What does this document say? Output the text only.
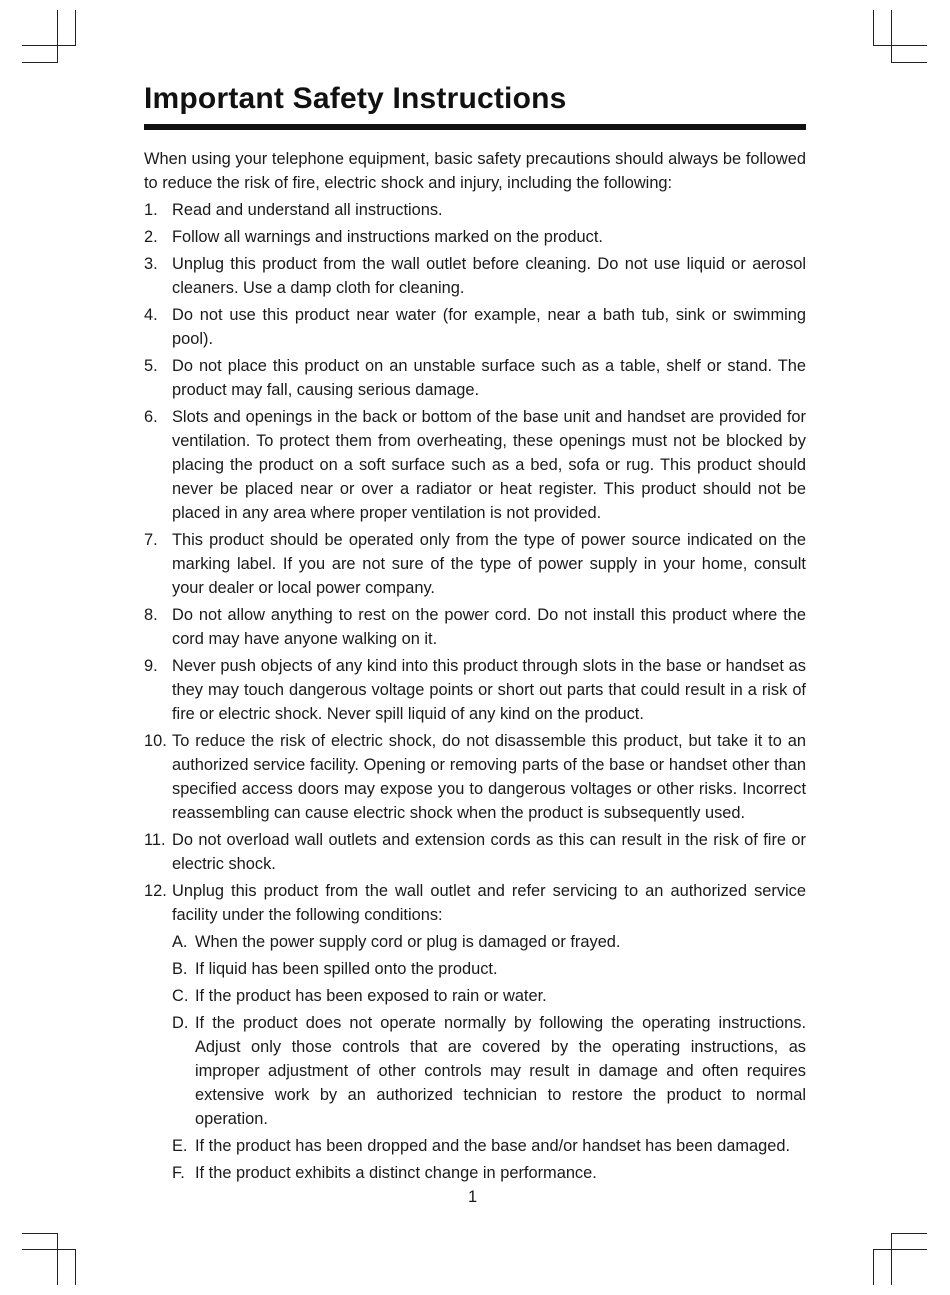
Important Safety Instructions

When using your telephone equipment, basic safety precautions should always be followed to reduce the risk of fire, electric shock and injury, including the following:

1. Read and understand all instructions.
2. Follow all warnings and instructions marked on the product.
3. Unplug this product from the wall outlet before cleaning. Do not use liquid or aerosol cleaners. Use a damp cloth for cleaning.
4. Do not use this product near water (for example, near a bath tub, sink or swimming pool).
5. Do not place this product on an unstable surface such as a table, shelf or stand. The product may fall, causing serious damage.
6. Slots and openings in the back or bottom of the base unit and handset are provided for ventilation. To protect them from overheating, these openings must not be blocked by placing the product on a soft surface such as a bed, sofa or rug. This product should never be placed near or over a radiator or heat register. This product should not be placed in any area where proper ventilation is not provided.
7. This product should be operated only from the type of power source indicated on the marking label. If you are not sure of the type of power supply in your home, consult your dealer or local power company.
8. Do not allow anything to rest on the power cord. Do not install this product where the cord may have anyone walking on it.
9. Never push objects of any kind into this product through slots in the base or handset as they may touch dangerous voltage points or short out parts that could result in a risk of fire or electric shock. Never spill liquid of any kind on the product.
10. To reduce the risk of electric shock, do not disassemble this product, but take it to an authorized service facility. Opening or removing parts of the base or handset other than specified access doors may expose you to dangerous voltages or other risks. Incorrect reassembling can cause electric shock when the product is subsequently used.
11. Do not overload wall outlets and extension cords as this can result in the risk of fire or electric shock.
12. Unplug this product from the wall outlet and refer servicing to an authorized service facility under the following conditions:
A. When the power supply cord or plug is damaged or frayed.
B. If liquid has been spilled onto the product.
C. If the product has been exposed to rain or water.
D. If the product does not operate normally by following the operating instructions. Adjust only those controls that are covered by the operating instructions, as improper adjustment of other controls may result in damage and often requires extensive work by an authorized technician to restore the product to normal operation.
E. If the product has been dropped and the base and/or handset has been damaged.
F. If the product exhibits a distinct change in performance.
1
